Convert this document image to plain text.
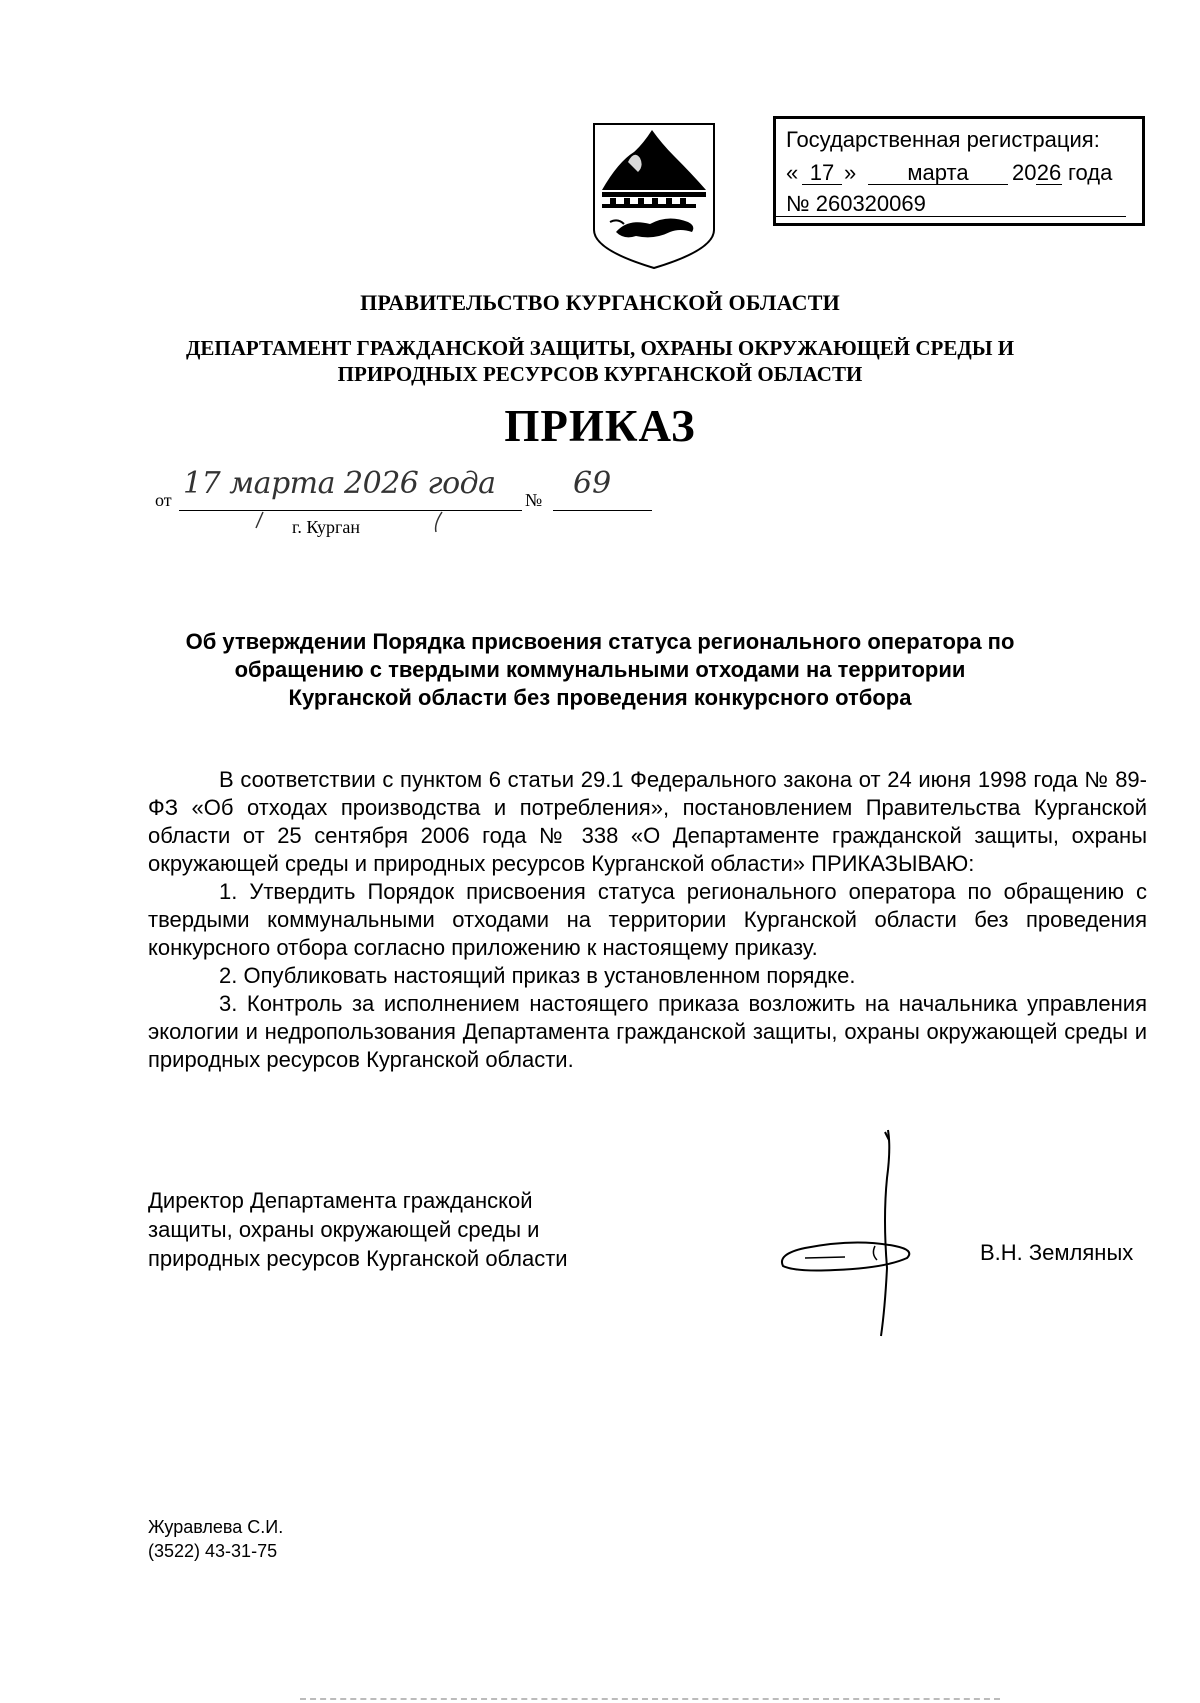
Государственная регистрация:
« 17 »	марта	20 26 года
№ 260320069
ПРАВИТЕЛЬСТВО КУРГАНСКОЙ ОБЛАСТИ
ДЕПАРТАМЕНТ ГРАЖДАНСКОЙ ЗАЩИТЫ, ОХРАНЫ ОКРУЖАЮЩЕЙ СРЕДЫ И
ПРИРОДНЫХ РЕСУРСОВ КУРГАНСКОЙ ОБЛАСТИ
ПРИКАЗ
от 17 марта 2026 года № 69
г. Курган
Об утверждении Порядка присвоения статуса регионального оператора по
обращению с твердыми коммунальными отходами на территории
Курганской области без проведения конкурсного отбора

В соответствии с пунктом 6 статьи 29.1 Федерального закона от 24 июня 1998 года № 89-ФЗ «Об отходах производства и потребления», постановлением Правительства Курганской области от 25 сентября 2006 года № 338 «О Департаменте гражданской защиты, охраны окружающей среды и природных ресурсов Курганской области» ПРИКАЗЫВАЮ:

1. Утвердить Порядок присвоения статуса регионального оператора по обращению с твердыми коммунальными отходами на территории Курганской области без проведения конкурсного отбора согласно приложению к настоящему приказу.

2. Опубликовать настоящий приказ в установленном порядке.

3. Контроль за исполнением настоящего приказа возложить на начальника управления экологии и недропользования Департамента гражданской защиты, охраны окружающей среды и природных ресурсов Курганской области.

Директор Департамента гражданской
защиты, охраны окружающей среды и
природных ресурсов Курганской области	В.Н. Земляных
Журавлева С.И.
(3522) 43-31-75
